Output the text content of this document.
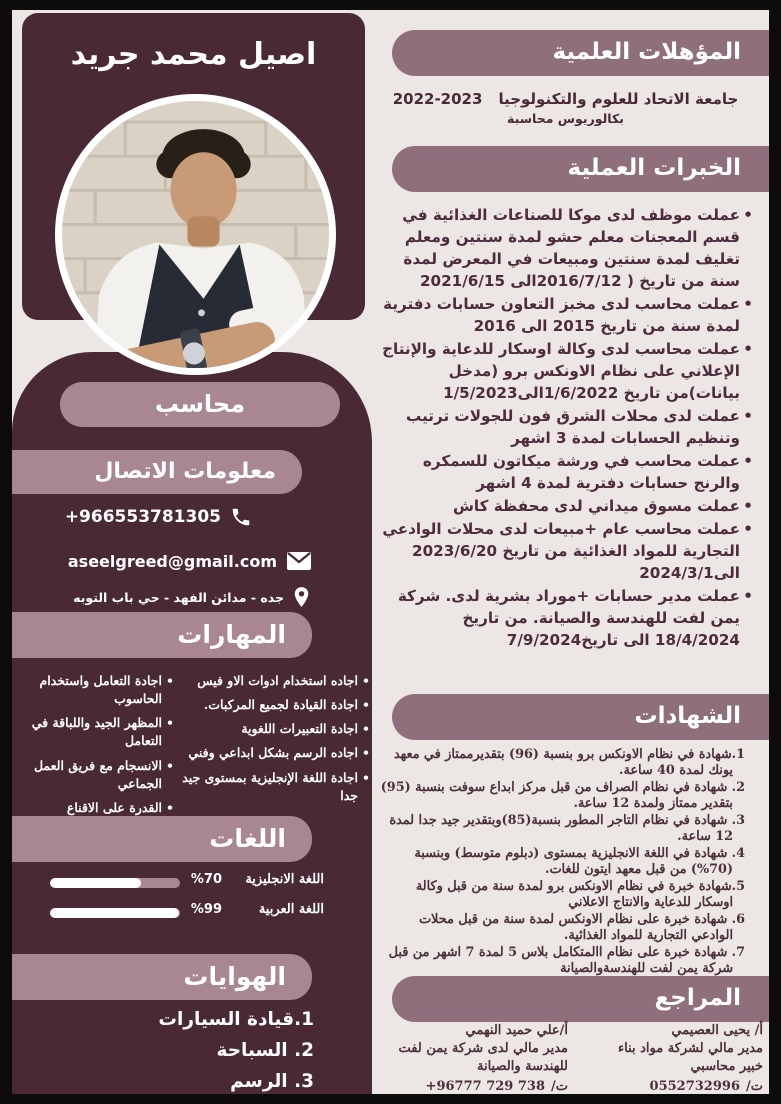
اصيل محمد جريد
محاسب
معلومات الاتصال
+966553781305
aseelgreed@gmail.com
جده - مدائن الفهد - حي باب التوبه
المهارات
• اجاده استخدام ادوات الاو فيس
• اجادة القيادة لجميع المركبات.
• اجادة التعبيرات اللغوية
• اجاده الرسم بشكل ابداعي وفني
• اجادة اللغة الإنجليزية بمستوى جيد جدا
• اجادة التعامل واستخدام الحاسوب
• المظهر الجيد واللباقة في التعامل
• الانسجام مع فريق العمل الجماعي
• القدرة على الاقناع
•
اللغات
اللغة الانجليزية
%70
اللغة العربية
%99
الهوايات
1.قيادة السيارات
2. السباحة
3. الرسم
المؤهلات العلمية
جامعة الاتحاد للعلوم والتكنولوجيا
2022-2023
بكالوريوس محاسبة
الخبرات العملية
• عملت موظف لدى موكا للصناعات الغذائية في قسم المعجنات معلم حشو لمدة سنتين ومعلم تغليف لمدة سنتين ومبيعات في المعرض لمدة سنة من تاريخ ( 2016/7/12الى 2021/6/15
• عملت محاسب لدى مخبز التعاون حسابات دفترية لمدة سنة من تاريخ 2015 الى 2016
• عملت محاسب لدى وكالة اوسكار للدعاية والإنتاج الإعلاني على نظام الاونكس برو (مدخل بيانات)من تاريخ 1/6/2022الى1/5/2023
• عملت لدى محلات الشرق فون للجولات ترتيب وتنظيم الحسابات لمدة 3 اشهر
• عملت محاسب في ورشة ميكاتون للسمكره والرنج حسابات دفترية لمدة 4 اشهر
• عملت مسوق ميداني لدى محفظة كاش
• عملت محاسب عام +مبيعات لدى محلات الوادعي التجارية للمواد الغذائية من تاريخ 2023/6/20 الى2024/3/1
• عملت مدير حسابات +موراد بشرية لدى. شركة يمن لفت للهندسة والصيانة. من تاريخ 18/4/2024 الى تاريخ7/9/2024
الشهادات
1.شهادة في نظام الاونكس برو بنسبة (96) بتقديرممتاز في معهد يونك لمدة 40 ساعة.
2. شهادة في نظام الصراف من قبل مركز ابداع سوفت بنسبة (95) بتقدير ممتاز ولمدة 12 ساعة.
3. شهادة في نظام التاجر المطور بنسبة(85)وبتقدير جيد جدا لمدة 12 ساعة.
4. شهادة في اللغة الانجليزية بمستوى (دبلوم متوسط) وبنسبة (70%) من قبل معهد ايتون للغات.
5.شهادة خبرة في نظام الاونكس برو لمدة سنة من قبل وكالة اوسكار للدعاية والانتاج الاعلاني
6. شهادة خبرة على نظام الاونكس لمدة سنة من قبل محلات الوادعي التجارية للمواد الغذائية.
7. شهادة خبرة على نظام االمتكامل بلاس 5 لمدة 7 اشهر من قبل شركة يمن لفت للهندسةوالصيانة
المراجع
أ/ يحيى العصيمي
مدير مالي لشركة مواد بناء
خبير محاسبي
ت/
0552732996
أ/علي حميد النهمي
مدير مالي لدى شركة يمن لفت
للهندسة والصيانة
ت/
+96777 729 738
